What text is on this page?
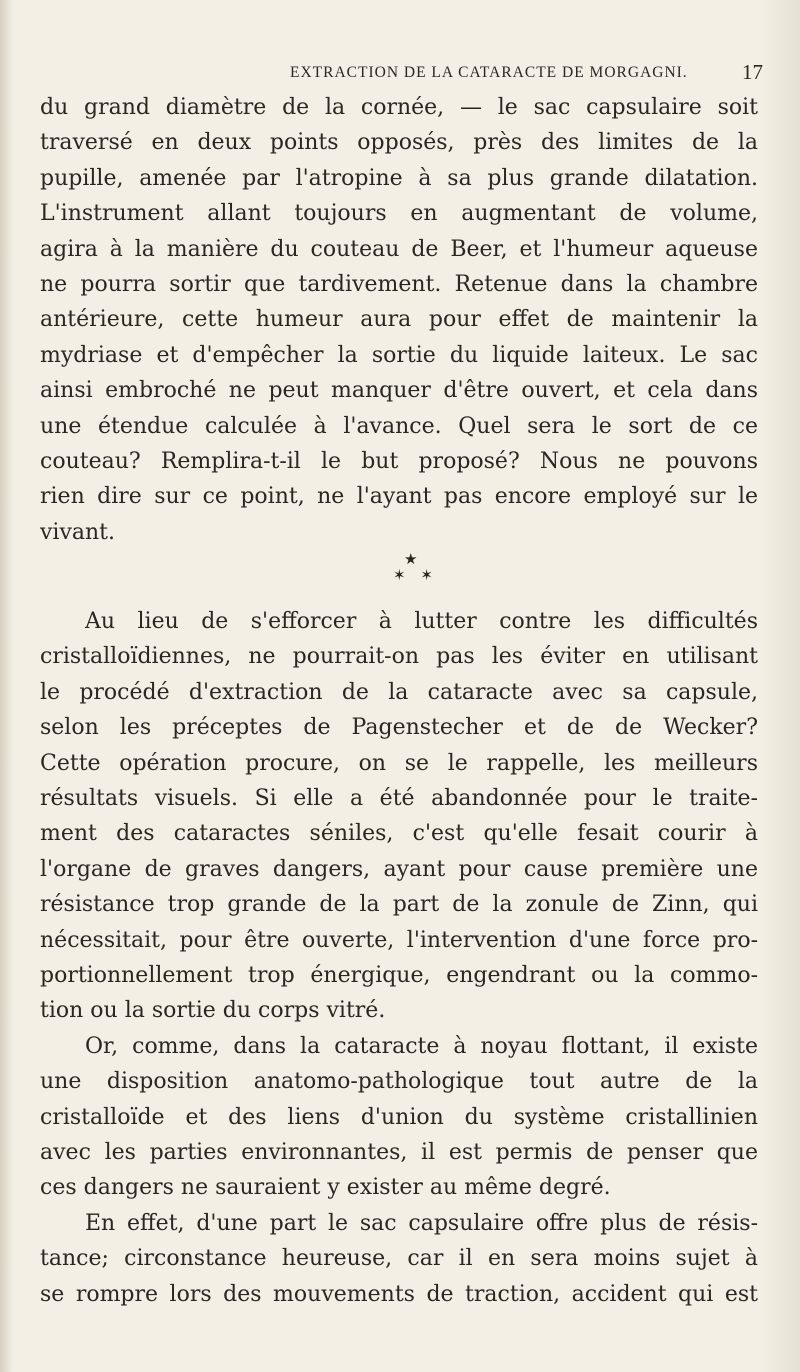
EXTRACTION DE LA CATARACTE DE MORGAGNI.	17
du grand diamètre de la cornée, — le sac capsulaire soit
traversé en deux points opposés, près des limites de la
pupille, amenée par l'atropine à sa plus grande dilatation.
L'instrument allant toujours en augmentant de volume,
agira à la manière du couteau de Beer, et l'humeur aqueuse
ne pourra sortir que tardivement. Retenue dans la chambre
antérieure, cette humeur aura pour effet de maintenir la
mydriase et d'empêcher la sortie du liquide laiteux. Le sac
ainsi embroché ne peut manquer d'être ouvert, et cela dans
une étendue calculée à l'avance. Quel sera le sort de ce
couteau? Remplira-t-il le but proposé? Nous ne pouvons
rien dire sur ce point, ne l'ayant pas encore employé sur le
vivant.
★
✶ ✶
Au lieu de s'efforcer à lutter contre les difficultés
cristalloïdiennes, ne pourrait-on pas les éviter en utilisant
le procédé d'extraction de la cataracte avec sa capsule,
selon les préceptes de Pagenstecher et de de Wecker?
Cette opération procure, on se le rappelle, les meilleurs
résultats visuels. Si elle a été abandonnée pour le traite-
ment des cataractes séniles, c'est qu'elle fesait courir à
l'organe de graves dangers, ayant pour cause première une
résistance trop grande de la part de la zonule de Zinn, qui
nécessitait, pour être ouverte, l'intervention d'une force pro-
portionnellement trop énergique, engendrant ou la commo-
tion ou la sortie du corps vitré.
Or, comme, dans la cataracte à noyau flottant, il existe
une disposition anatomo-pathologique tout autre de la
cristalloïde et des liens d'union du système cristallinien
avec les parties environnantes, il est permis de penser que
ces dangers ne sauraient y exister au même degré.
En effet, d'une part le sac capsulaire offre plus de résis-
tance; circonstance heureuse, car il en sera moins sujet à
se rompre lors des mouvements de traction, accident qui est
